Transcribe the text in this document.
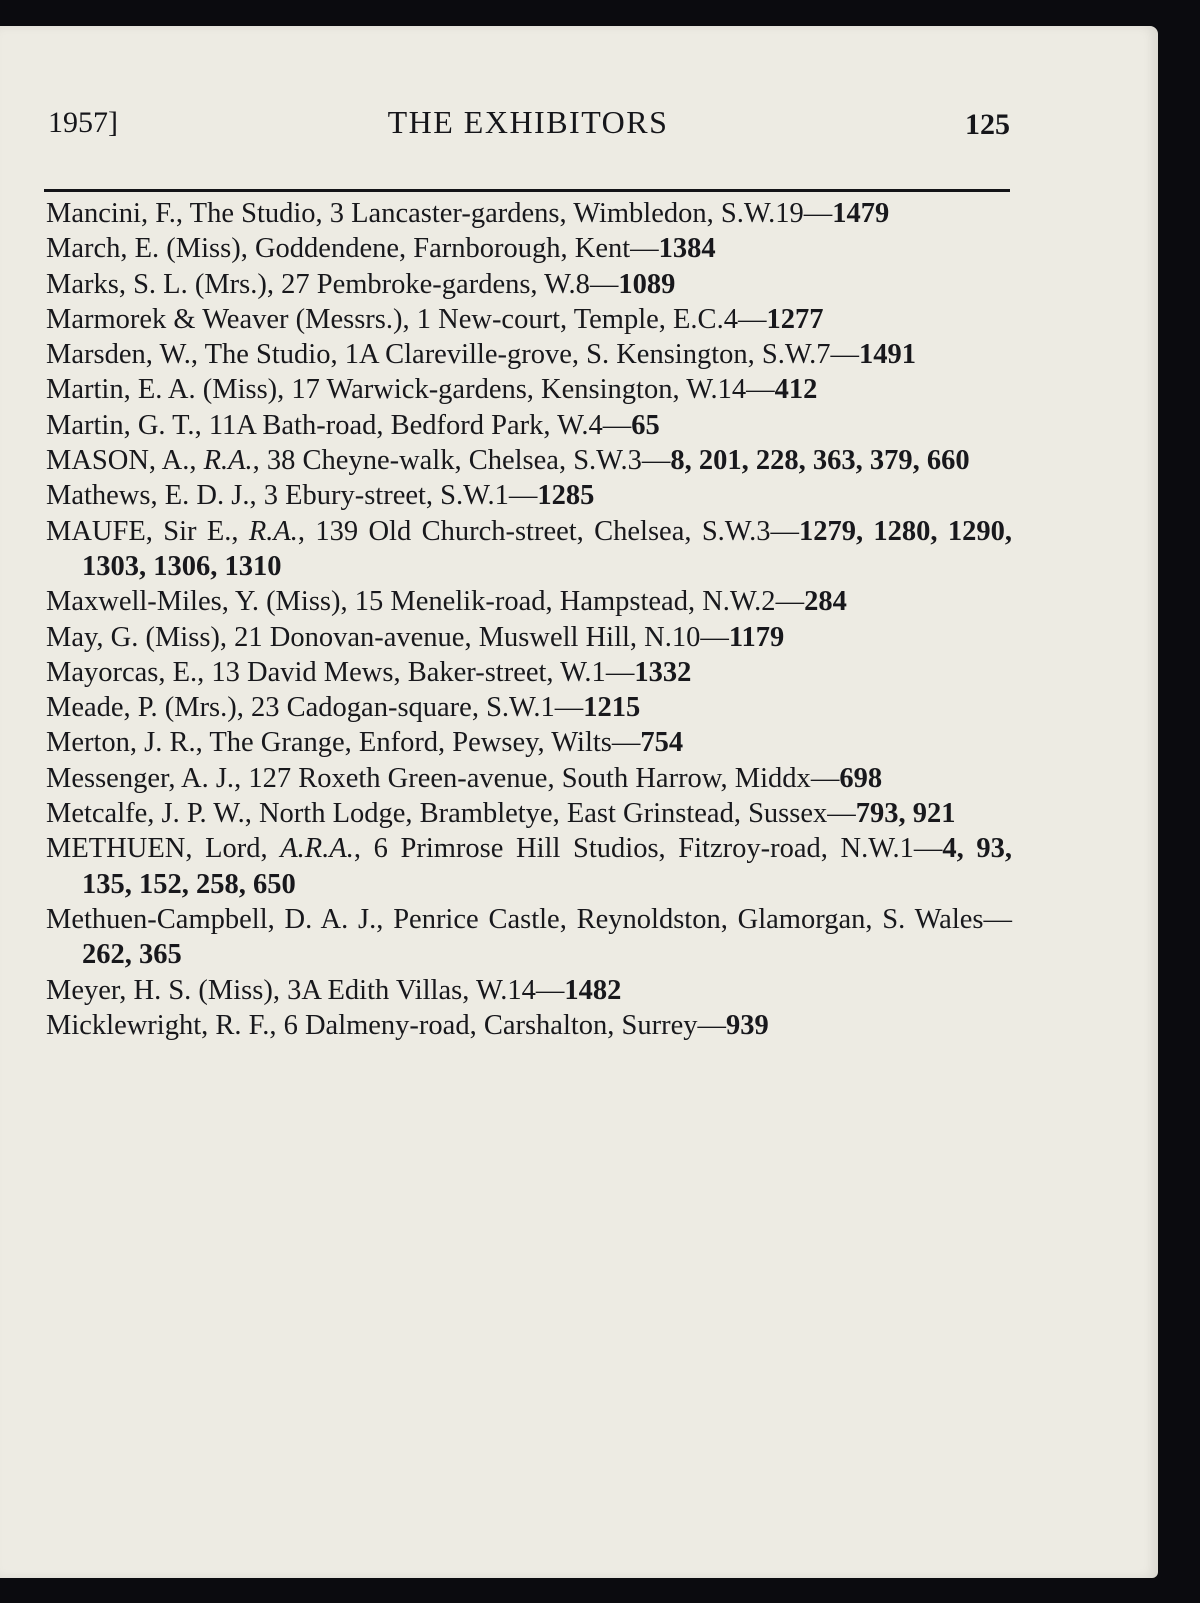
1957]	THE EXHIBITORS	125

Mancini, F., The Studio, 3 Lancaster-gardens, Wimbledon, S.W.19—1479

March, E. (Miss), Goddendene, Farnborough, Kent—1384

Marks, S. L. (Mrs.), 27 Pembroke-gardens, W.8—1089

Marmorek & Weaver (Messrs.), 1 New-court, Temple, E.C.4—1277

Marsden, W., The Studio, 1A Clareville-grove, S. Kensington, S.W.7—1491

Martin, E. A. (Miss), 17 Warwick-gardens, Kensington, W.14—412

Martin, G. T., 11A Bath-road, Bedford Park, W.4—65

MASON, A., R.A., 38 Cheyne-walk, Chelsea, S.W.3—8, 201, 228, 363, 379, 660

Mathews, E. D. J., 3 Ebury-street, S.W.1—1285

MAUFE, Sir E., R.A., 139 Old Church-street, Chelsea, S.W.3—1279, 1280, 1290, 1303, 1306, 1310

Maxwell-Miles, Y. (Miss), 15 Menelik-road, Hampstead, N.W.2—284

May, G. (Miss), 21 Donovan-avenue, Muswell Hill, N.10—1179

Mayorcas, E., 13 David Mews, Baker-street, W.1—1332

Meade, P. (Mrs.), 23 Cadogan-square, S.W.1—1215

Merton, J. R., The Grange, Enford, Pewsey, Wilts—754

Messenger, A. J., 127 Roxeth Green-avenue, South Harrow, Middx—698

Metcalfe, J. P. W., North Lodge, Brambletye, East Grinstead, Sussex—793, 921

METHUEN, Lord, A.R.A., 6 Primrose Hill Studios, Fitzroy-road, N.W.1—4, 93, 135, 152, 258, 650

Methuen-Campbell, D. A. J., Penrice Castle, Reynoldston, Glamorgan, S. Wales—262, 365

Meyer, H. S. (Miss), 3A Edith Villas, W.14—1482

Micklewright, R. F., 6 Dalmeny-road, Carshalton, Surrey—939
